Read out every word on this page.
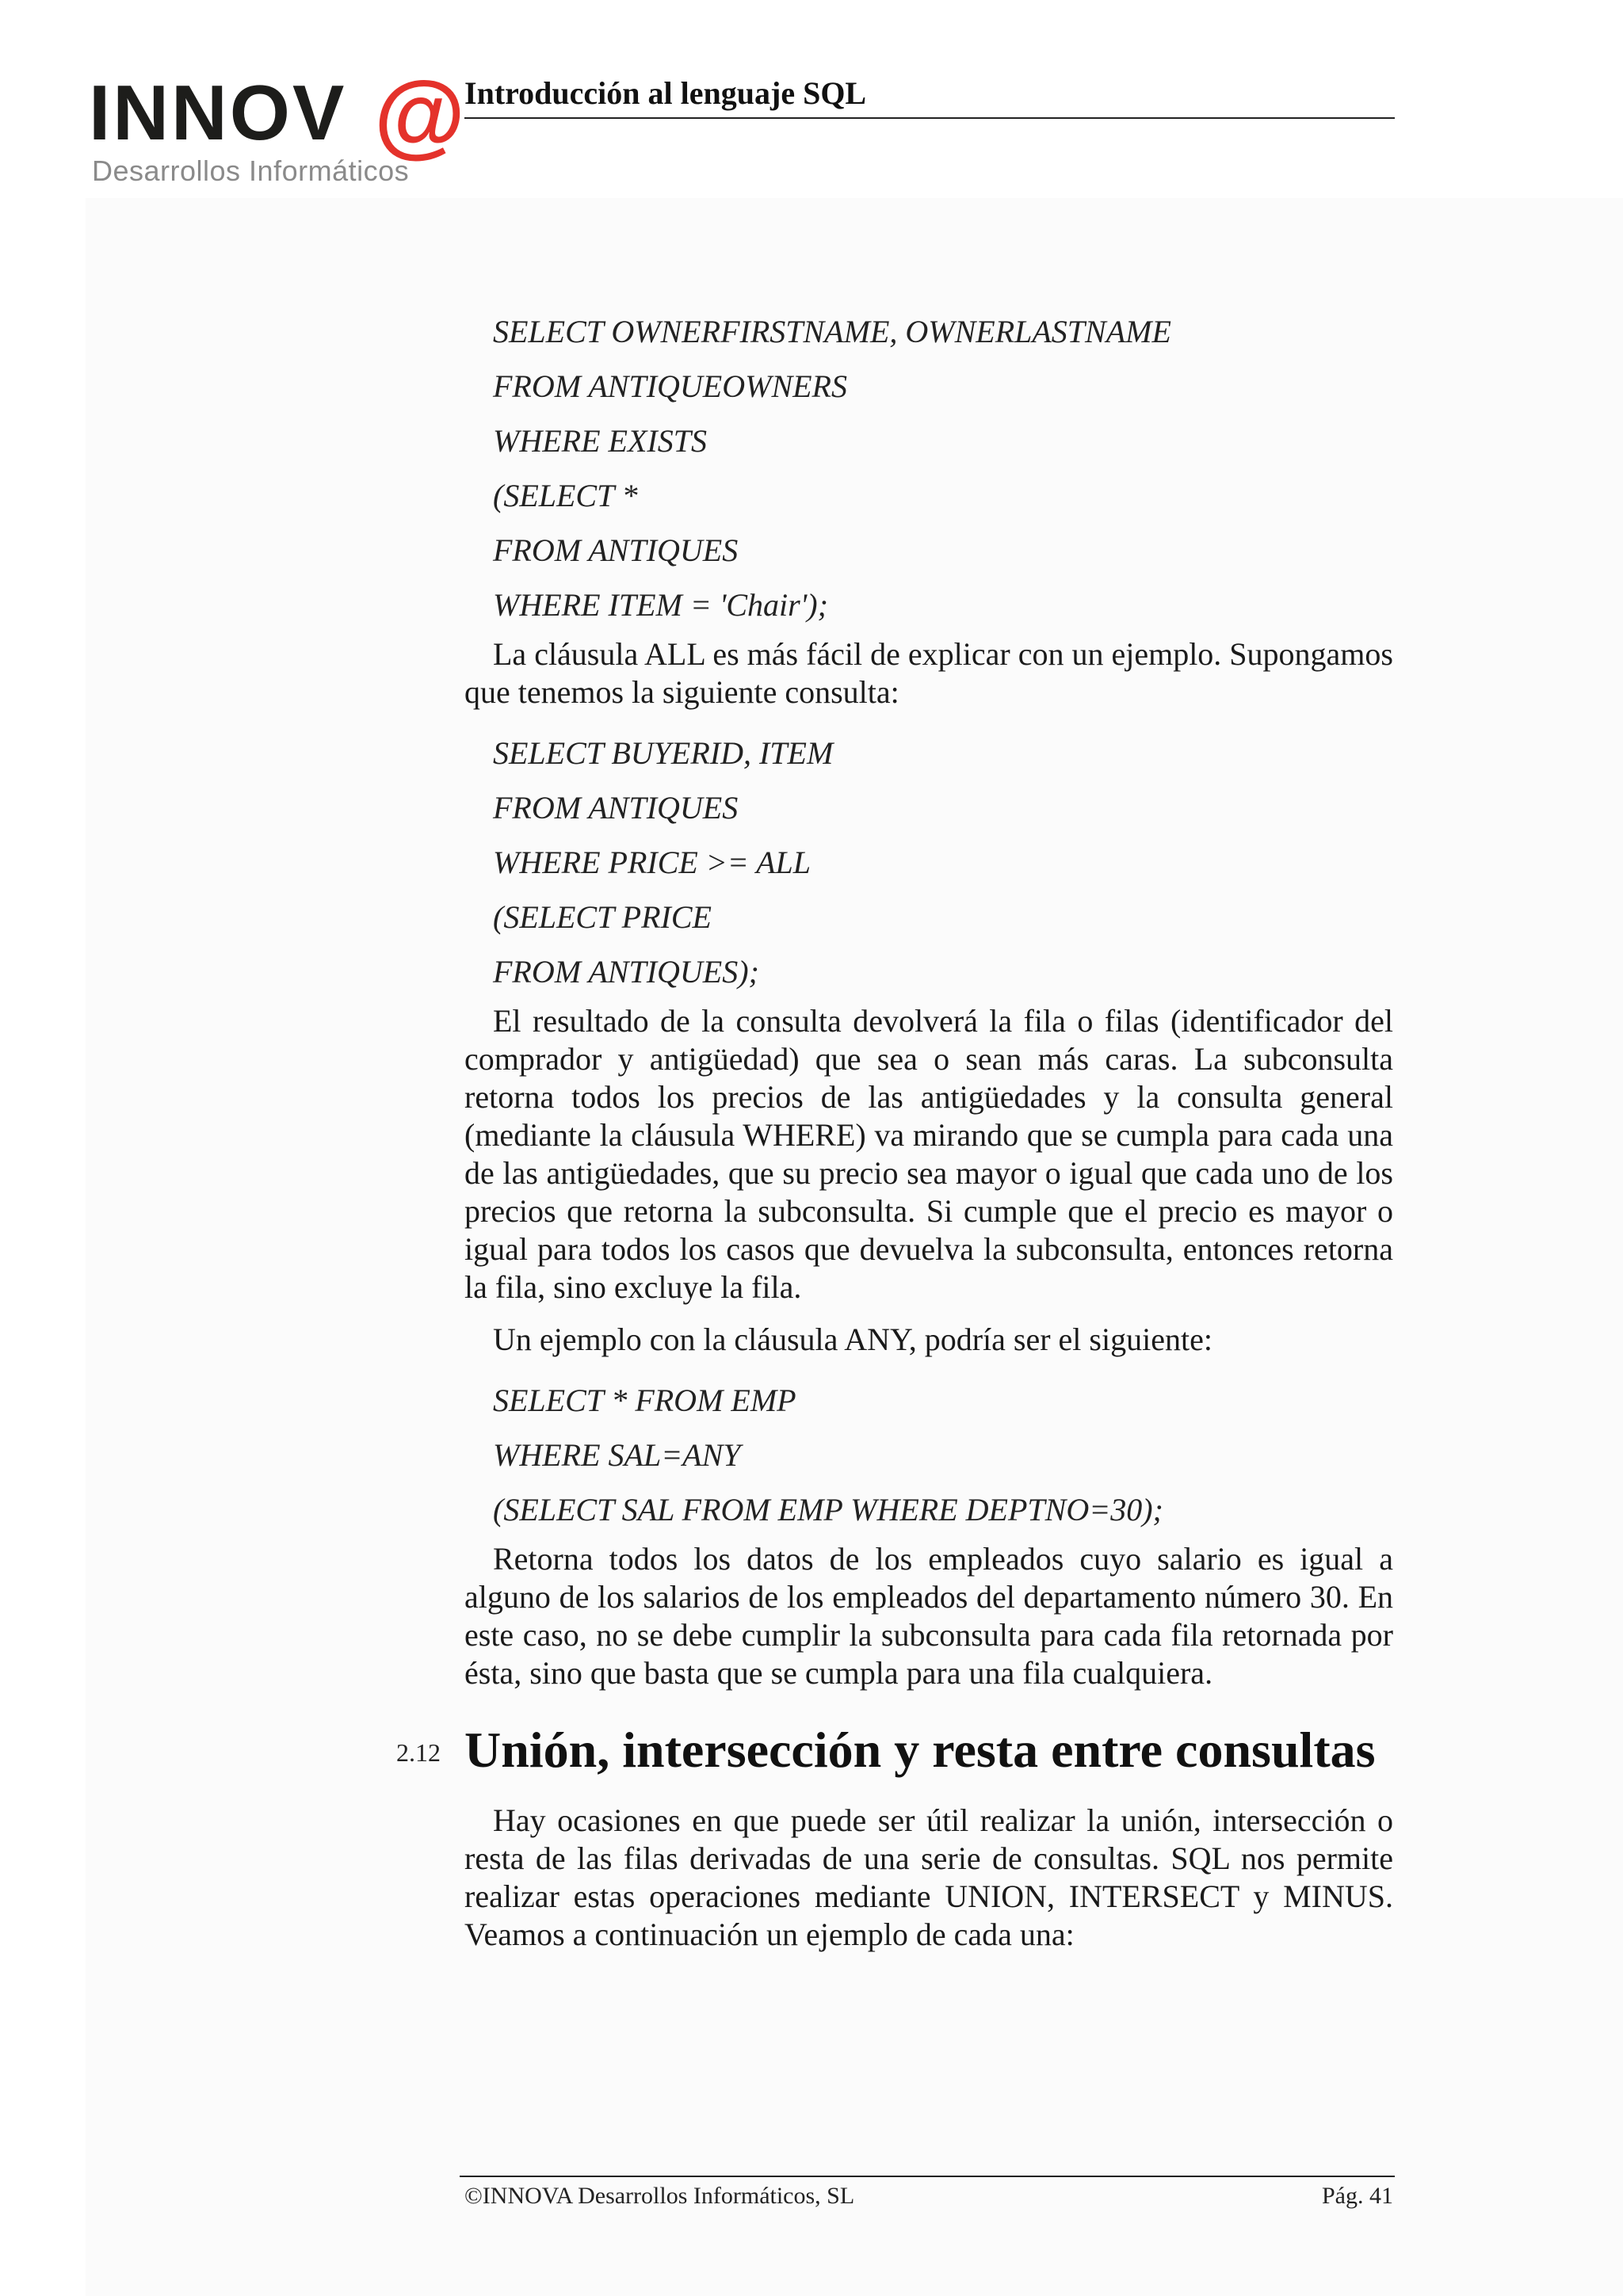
INNOV @
Desarrollos Informáticos
Introducción al lenguaje SQL

SELECT OWNERFIRSTNAME, OWNERLASTNAME

FROM ANTIQUEOWNERS

WHERE EXISTS

(SELECT *

FROM ANTIQUES

WHERE ITEM = 'Chair');

La cláusula ALL es más fácil de explicar con un ejemplo. Supongamos que tenemos la siguiente consulta:

SELECT BUYERID, ITEM

FROM ANTIQUES

WHERE PRICE >= ALL

(SELECT PRICE

FROM ANTIQUES);

El resultado de la consulta devolverá la fila o filas (identificador del comprador y antigüedad) que sea o sean más caras. La subconsulta retorna todos los precios de las antigüedades y la consulta general (mediante la cláusula WHERE) va mirando que se cumpla para cada una de las antigüedades, que su precio sea mayor o igual que cada uno de los precios que retorna la subconsulta. Si cumple que el precio es mayor o igual para todos los casos que devuelva la subconsulta, entonces retorna la fila, sino excluye la fila.

Un ejemplo con la cláusula ANY, podría ser el siguiente:

SELECT * FROM EMP

WHERE SAL=ANY

(SELECT SAL FROM EMP WHERE DEPTNO=30);

Retorna todos los datos de los empleados cuyo salario es igual a alguno de los salarios de los empleados del departamento número 30. En este caso, no se debe cumplir la subconsulta para cada fila retornada por ésta, sino que basta que se cumpla para una fila cualquiera.

2.12 Unión, intersección y resta entre consultas

Hay ocasiones en que puede ser útil realizar la unión, intersección o resta de las filas derivadas de una serie de consultas. SQL nos permite realizar estas operaciones mediante UNION, INTERSECT y MINUS. Veamos a continuación un ejemplo de cada una:

©INNOVA Desarrollos Informáticos, SL	Pág. 41
